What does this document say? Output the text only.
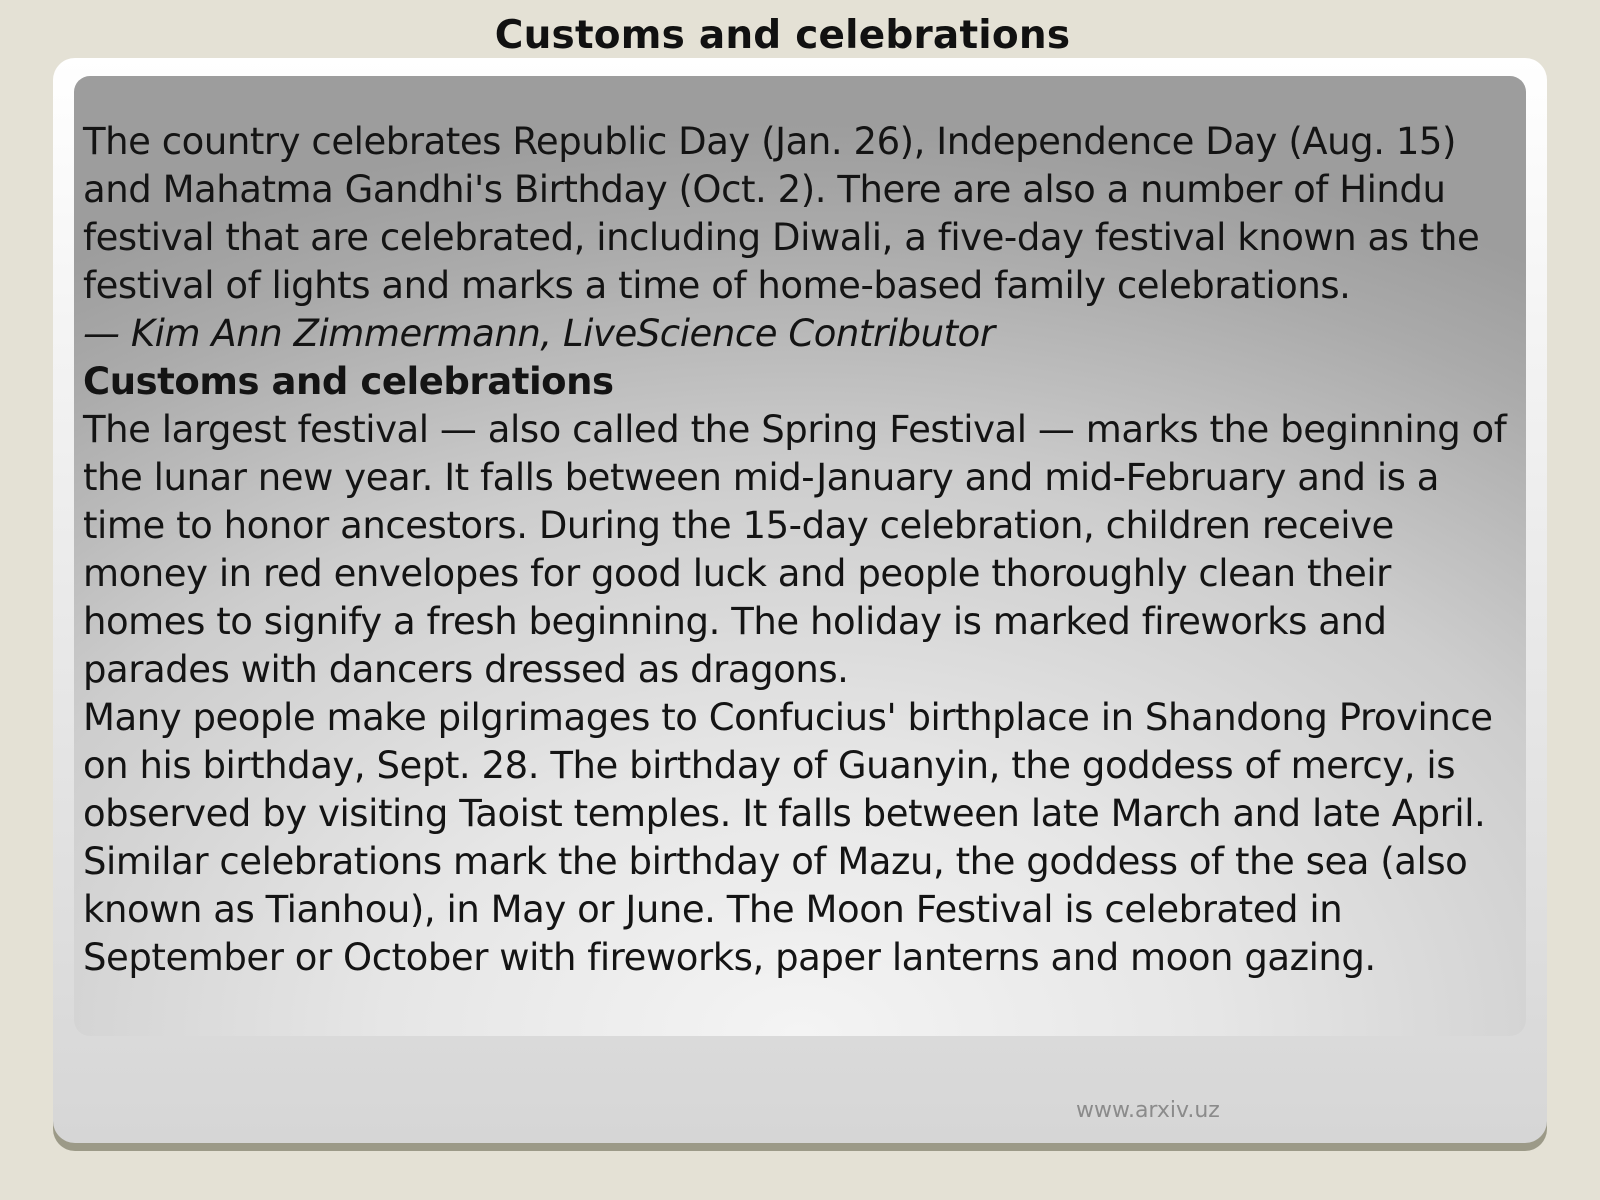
Customs and celebrations

The country celebrates Republic Day (Jan. 26), Independence Day (Aug. 15) and Mahatma Gandhi's Birthday (Oct. 2). There are also a number of Hindu festival that are celebrated, including Diwali, a five-day festival known as the festival of lights and marks a time of home-based family celebrations.

— Kim Ann Zimmermann, LiveScience Contributor

Customs and celebrations

The largest festival — also called the Spring Festival — marks the beginning of the lunar new year. It falls between mid-January and mid-February and is a time to honor ancestors. During the 15-day celebration, children receive money in red envelopes for good luck and people thoroughly clean their homes to signify a fresh beginning. The holiday is marked fireworks and parades with dancers dressed as dragons.

Many people make pilgrimages to Confucius' birthplace in Shandong Province on his birthday, Sept. 28. The birthday of Guanyin, the goddess of mercy, is observed by visiting Taoist temples. It falls between late March and late April. Similar celebrations mark the birthday of Mazu, the goddess of the sea (also known as Tianhou), in May or June. The Moon Festival is celebrated in September or October with fireworks, paper lanterns and moon gazing.

www.arxiv.uz
